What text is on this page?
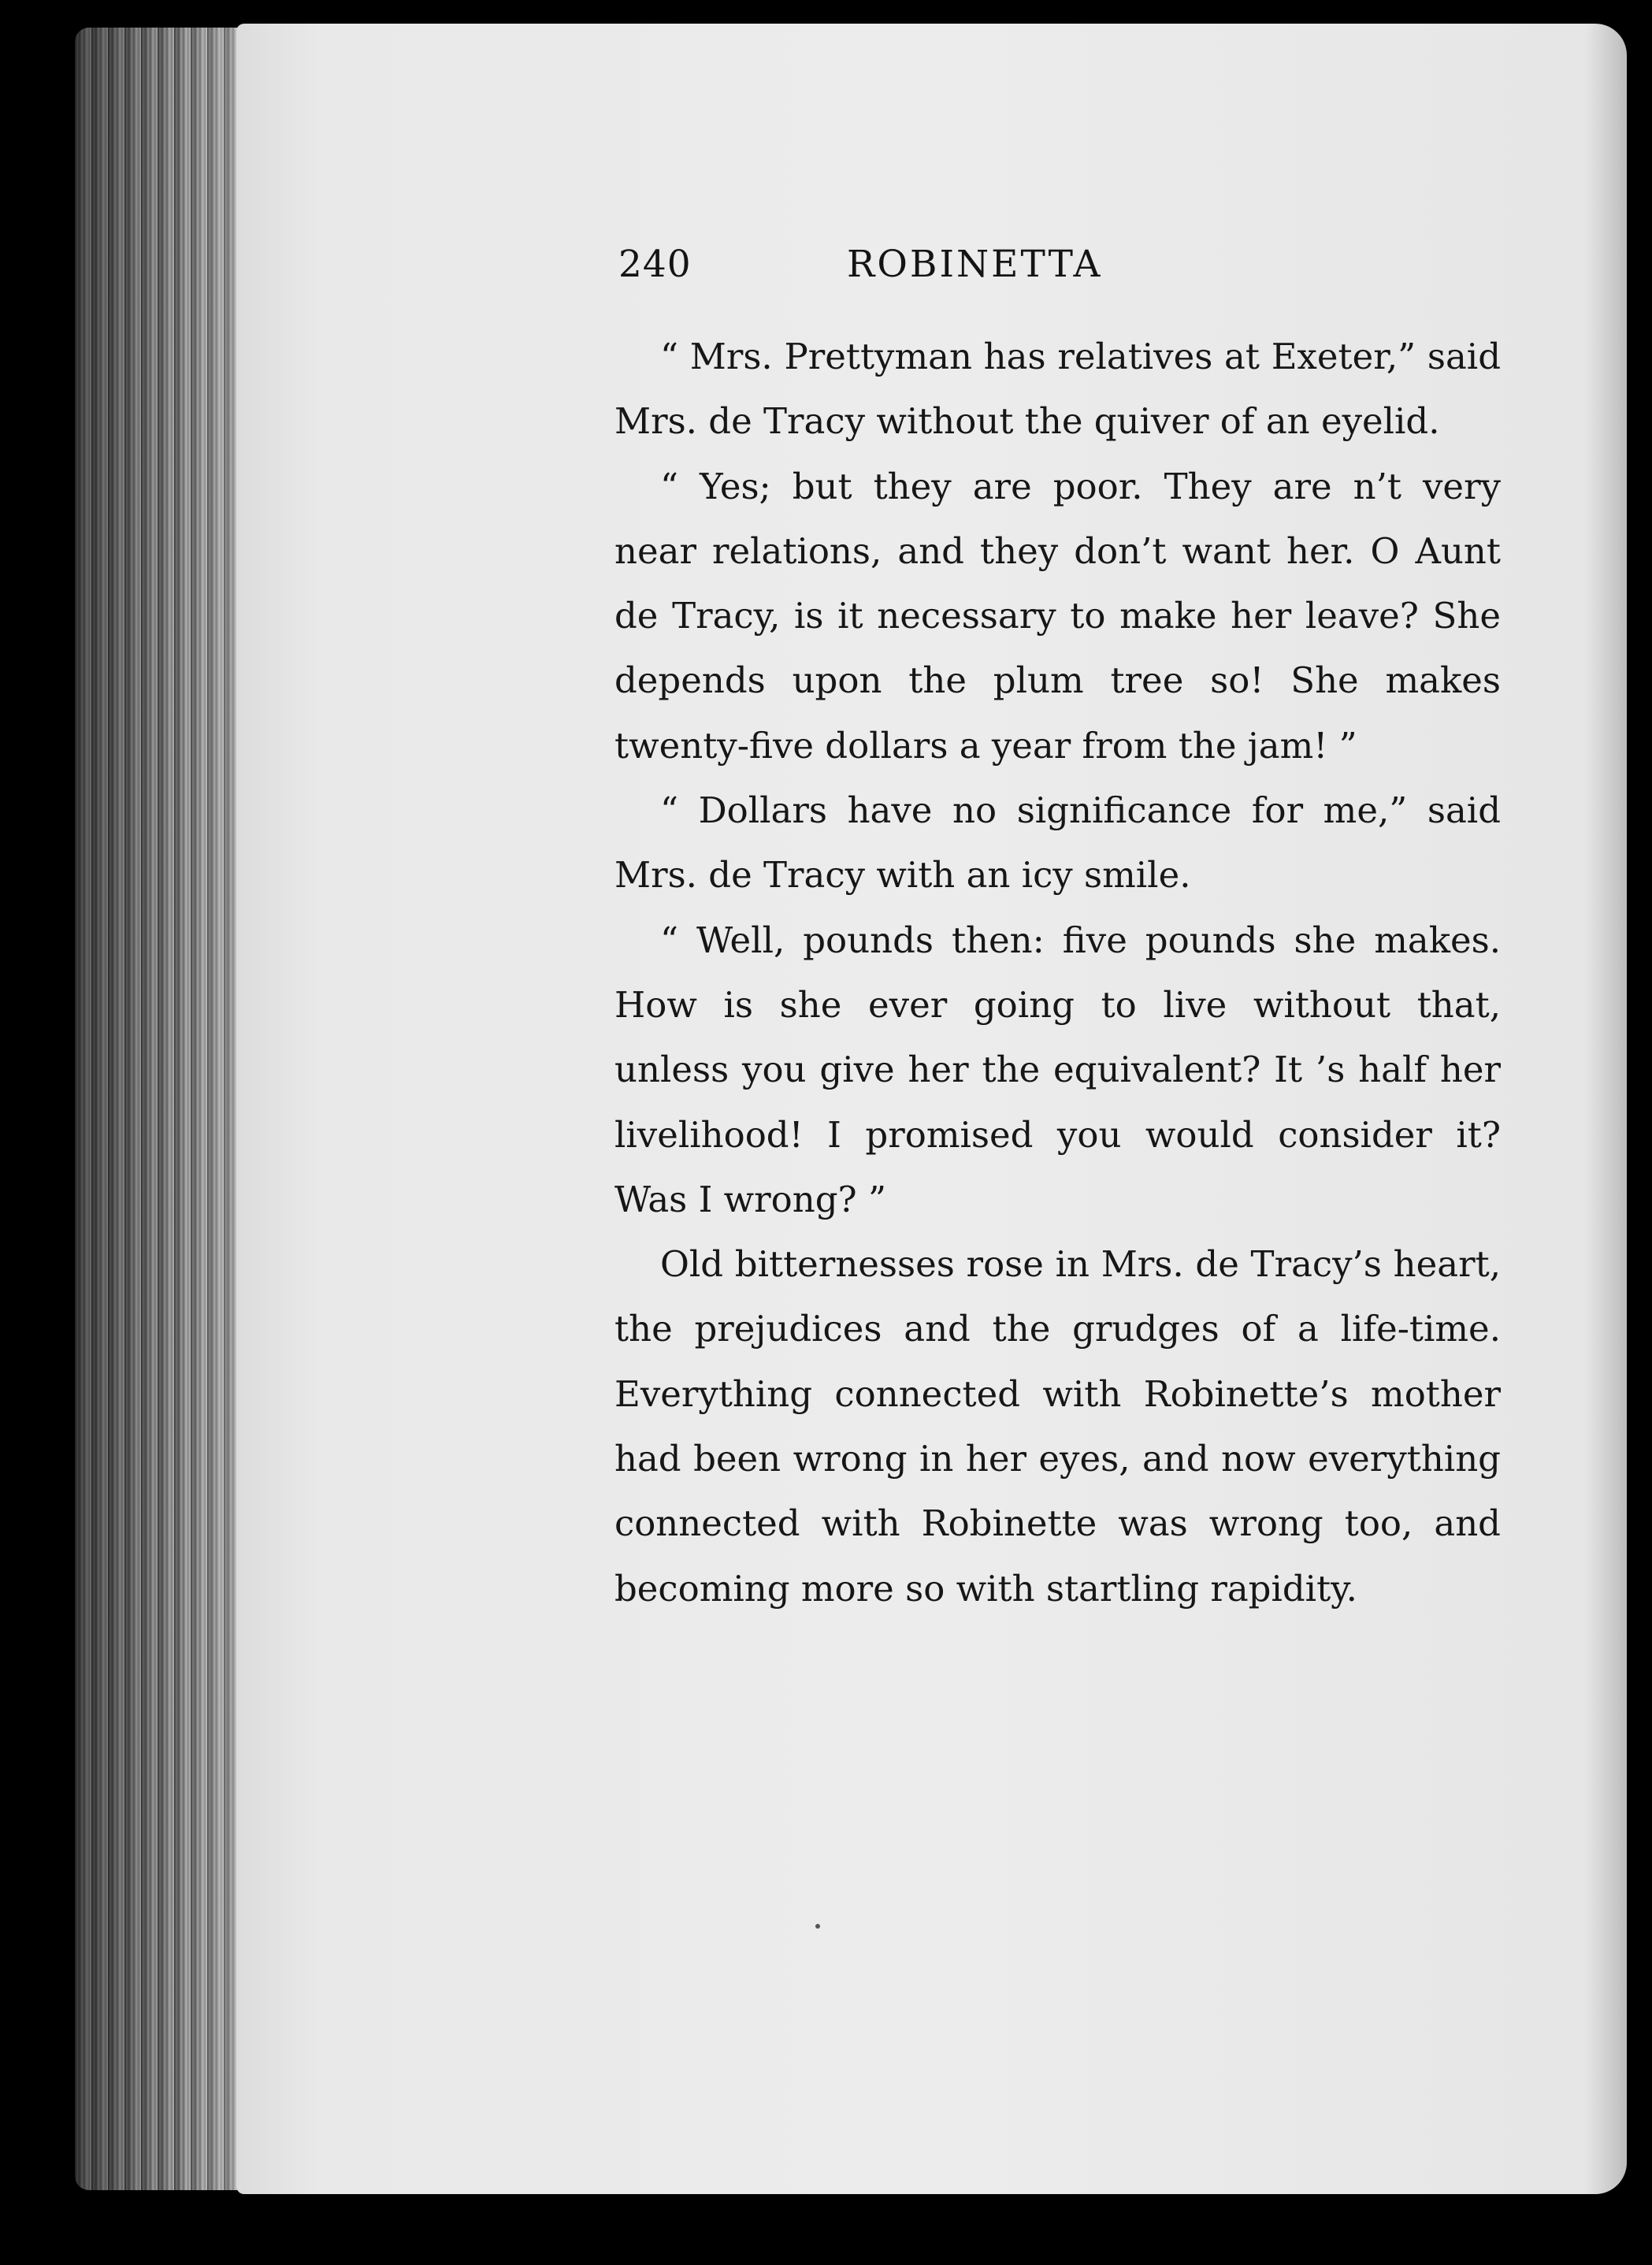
240	ROBINETTA

“ Mrs. Prettyman has relatives at Exeter,” said Mrs. de Tracy without the quiver of an eyelid.

“ Yes; but they are poor. They are n’t very near relations, and they don’t want her. O Aunt de Tracy, is it necessary to make her leave? She depends upon the plum tree so! She makes twenty-five dollars a year from the jam! ”

“ Dollars have no significance for me,” said Mrs. de Tracy with an icy smile.

“ Well, pounds then: five pounds she makes. How is she ever going to live without that, unless you give her the equivalent? It ’s half her livelihood! I promised you would consider it? Was I wrong? ”

Old bitternesses rose in Mrs. de Tracy’s heart, the prejudices and the grudges of a life-time. Everything connected with Robinette’s mother had been wrong in her eyes, and now everything connected with Robinette was wrong too, and becoming more so with startling rapidity.
